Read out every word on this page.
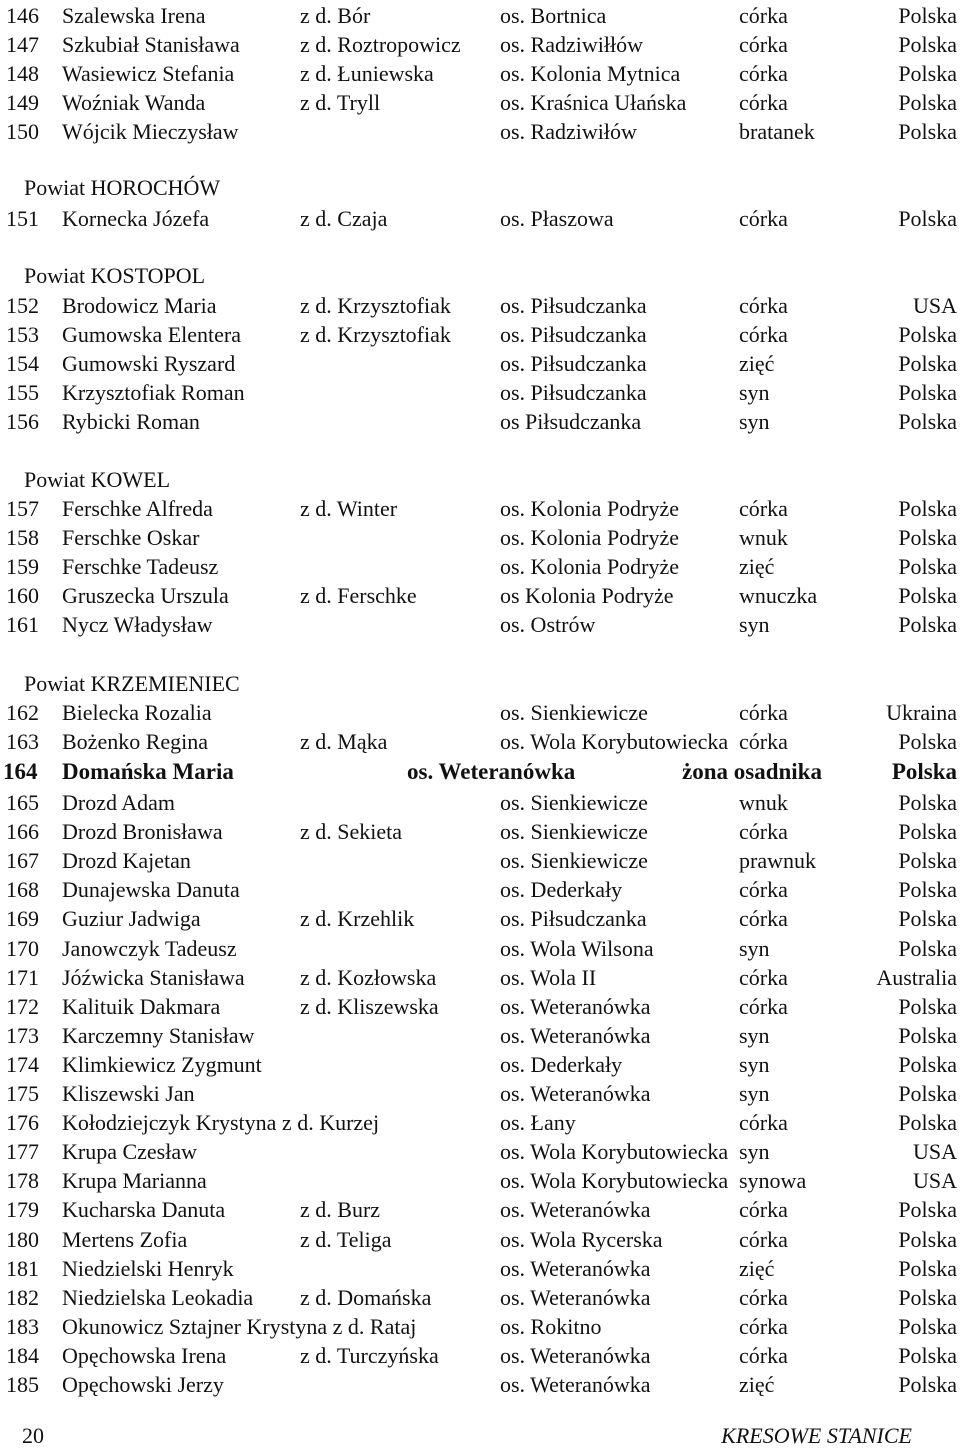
146 Szalewska Irena	z d. Bór	os. Bortnica	córka	Polska
147 Szkubiał Stanisława	z d. Roztropowicz os. Radziwiłłów	córka	Polska
148 Wasiewicz Stefania	z d. Łuniewska	os. Kolonia Mytnica	córka	Polska
149 Woźniak Wanda	z d. Tryll	os. Kraśnica Ułańska córka	Polska
150 Wójcik Mieczysław	os. Radziwiłów	bratanek	Polska
Powiat HOROCHÓW
151 Kornecka Józefa	z d. Czaja	os. Płaszowa	córka	Polska
Powiat KOSTOPOL
152 Brodowicz Maria	z d. Krzysztofiak os. Piłsudczanka	córka	USA
153 Gumowska Elentera	z d. Krzysztofiak os. Piłsudczanka	córka	Polska
154 Gumowski Ryszard	os. Piłsudczanka	zięć	Polska
155 Krzysztofiak Roman	os. Piłsudczanka	syn	Polska
156 Rybicki Roman	os Piłsudczanka	syn	Polska
Powiat KOWEL
157 Ferschke Alfreda	z d. Winter	os. Kolonia Podryże	córka	Polska
158 Ferschke Oskar	os. Kolonia Podryże	wnuk	Polska
159 Ferschke Tadeusz	os. Kolonia Podryże	zięć	Polska
160 Gruszecka Urszula	z d. Ferschke	os Kolonia Podryże	wnuczka	Polska
161 Nycz Władysław	os. Ostrów	syn	Polska
Powiat KRZEMIENIEC
162 Bielecka Rozalia	os. Sienkiewicze	córka	Ukraina
163 Bożenko Regina	z d. Mąka	os. Wola Korybutowiecka córka	Polska
164 Domańska Maria	os. Weteranówka	żona osadnika	Polska
165 Drozd Adam	os. Sienkiewicze	wnuk	Polska
166 Drozd Bronisława	z d. Sekieta	os. Sienkiewicze	córka	Polska
167 Drozd Kajetan	os. Sienkiewicze	prawnuk	Polska
168 Dunajewska Danuta	os. Dederkały	córka	Polska
169 Guziur Jadwiga	z d. Krzehlik	os. Piłsudczanka	córka	Polska
170 Janowczyk Tadeusz	os. Wola Wilsona	syn	Polska
171 Jóźwicka Stanisława	z d. Kozłowska	os. Wola II	córka	Australia
172 Kalituik Dakmara	z d. Kliszewska	os. Weteranówka	córka	Polska
173 Karczemny Stanisław	os. Weteranówka	syn	Polska
174 Klimkiewicz Zygmunt	os. Dederkały	syn	Polska
175 Kliszewski Jan	os. Weteranówka	syn	Polska
176 Kołodziejczyk Krystyna z d. Kurzej	os. Łany	córka	Polska
177 Krupa Czesław	os. Wola Korybutowiecka syn	USA
178 Krupa Marianna	os. Wola Korybutowiecka synowa	USA
179 Kucharska Danuta	z d. Burz	os. Weteranówka	córka	Polska
180 Mertens Zofia	z d. Teliga	os. Wola Rycerska	córka	Polska
181 Niedzielski Henryk	os. Weteranówka	zięć	Polska
182 Niedzielska Leokadia z d. Domańska	os. Weteranówka	córka	Polska
183 Okunowicz Sztajner Krystyna z d. Rataj	os. Rokitno	córka	Polska
184 Opęchowska Irena	z d. Turczyńska	os. Weteranówka	córka	Polska
185 Opęchowski Jerzy	os. Weteranówka	zięć	Polska
20	KRESOWE STANICE
